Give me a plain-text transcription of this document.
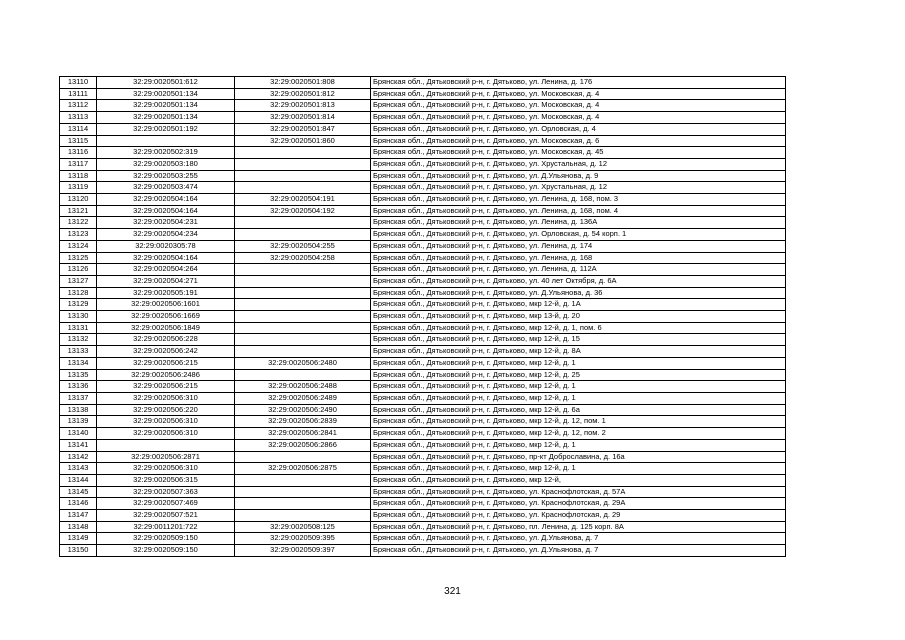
13110	32:29:0020501:612	32:29:0020501:808	Брянская обл., Дятьковский р-н, г. Дятьково, ул. Ленина, д. 176
13111	32:29:0020501:134	32:29:0020501:812	Брянская обл., Дятьковский р-н, г. Дятьково, ул. Московская, д. 4
13112	32:29:0020501:134	32:29:0020501:813	Брянская обл., Дятьковский р-н, г. Дятьково, ул. Московская, д. 4
13113	32:29:0020501:134	32:29:0020501:814	Брянская обл., Дятьковский р-н, г. Дятьково, ул. Московская, д. 4
13114	32:29:0020501:192	32:29:0020501:847	Брянская обл., Дятьковский р-н, г. Дятьково, ул. Орловская, д. 4
13115		32:29:0020501:860	Брянская обл., Дятьковский р-н, г. Дятьково, ул. Московская, д. 6
13116	32:29:0020502:319		Брянская обл., Дятьковский р-н, г. Дятьково, ул. Московская, д. 45
13117	32:29:0020503:180		Брянская обл., Дятьковский р-н, г. Дятьково, ул. Хрустальная, д. 12
13118	32:29:0020503:255		Брянская обл., Дятьковский р-н, г. Дятьково, ул. Д.Ульянова, д. 9
13119	32:29:0020503:474		Брянская обл., Дятьковский р-н, г. Дятьково, ул. Хрустальная, д. 12
13120	32:29:0020504:164	32:29:0020504:191	Брянская обл., Дятьковский р-н, г. Дятьково, ул. Ленина, д. 168, пом. 3
13121	32:29:0020504:164	32:29:0020504:192	Брянская обл., Дятьковский р-н, г. Дятьково, ул. Ленина, д. 168, пом. 4
13122	32:29:0020504:231		Брянская обл., Дятьковский р-н, г. Дятьково, ул. Ленина, д. 136А
13123	32:29:0020504:234		Брянская обл., Дятьковский р-н, г. Дятьково, ул. Орловская, д. 54 корп. 1
13124	32:29:0020305:78	32:29:0020504:255	Брянская обл., Дятьковский р-н, г. Дятьково, ул. Ленина, д. 174
13125	32:29:0020504:164	32:29:0020504:258	Брянская обл., Дятьковский р-н, г. Дятьково, ул. Ленина, д. 168
13126	32:29:0020504:264		Брянская обл., Дятьковский р-н, г. Дятьково, ул. Ленина, д. 112А
13127	32:29:0020504:271		Брянская обл., Дятьковский р-н, г. Дятьково, ул. 40 лет Октября, д. 6А
13128	32:29:0020505:191		Брянская обл., Дятьковский р-н, г. Дятьково, ул. Д.Ульянова, д. 36
13129	32:29:0020506:1601		Брянская обл., Дятьковский р-н, г. Дятьково, мкр 12-й, д. 1А
13130	32:29:0020506:1669		Брянская обл., Дятьковский р-н, г. Дятьково, мкр 13-й, д. 20
13131	32:29:0020506:1849		Брянская обл., Дятьковский р-н, г. Дятьково, мкр 12-й, д. 1, пом. 6
13132	32:29:0020506:228		Брянская обл., Дятьковский р-н, г. Дятьково, мкр 12-й, д. 15
13133	32:29:0020506:242		Брянская обл., Дятьковский р-н, г. Дятьково, мкр 12-й, д. 8А
13134	32:29:0020506:215	32:29:0020506:2480	Брянская обл., Дятьковский р-н, г. Дятьково, мкр 12-й, д. 1
13135	32:29:0020506:2486		Брянская обл., Дятьковский р-н, г. Дятьково, мкр 12-й, д. 25
13136	32:29:0020506:215	32:29:0020506:2488	Брянская обл., Дятьковский р-н, г. Дятьково, мкр 12-й, д. 1
13137	32:29:0020506:310	32:29:0020506:2489	Брянская обл., Дятьковский р-н, г. Дятьково, мкр 12-й, д. 1
13138	32:29:0020506:220	32:29:0020506:2490	Брянская обл., Дятьковский р-н, г. Дятьково, мкр 12-й, д. 6а
13139	32:29:0020506:310	32:29:0020506:2839	Брянская обл., Дятьковский р-н, г. Дятьково, мкр 12-й, д. 12, пом. 1
13140	32:29:0020506:310	32:29:0020506:2841	Брянская обл., Дятьковский р-н, г. Дятьково, мкр 12-й, д. 12, пом. 2
13141		32:29:0020506:2866	Брянская обл., Дятьковский р-н, г. Дятьково, мкр 12-й, д. 1
13142	32:29:0020506:2871		Брянская обл., Дятьковский р-н, г. Дятьково, пр-кт Доброславина, д. 16а
13143	32:29:0020506:310	32:29:0020506:2875	Брянская обл., Дятьковский р-н, г. Дятьково, мкр 12-й, д. 1
13144	32:29:0020506:315		Брянская обл., Дятьковский р-н, г. Дятьково, мкр 12-й,
13145	32:29:0020507:363		Брянская обл., Дятьковский р-н, г. Дятьково, ул. Краснофлотская, д. 57А
13146	32:29:0020507:469		Брянская обл., Дятьковский р-н, г. Дятьково, ул. Краснофлотская, д. 29А
13147	32:29:0020507:521		Брянская обл., Дятьковский р-н, г. Дятьково, ул. Краснофлотская, д. 29
13148	32:29:0011201:722	32:29:0020508:125	Брянская обл., Дятьковский р-н, г. Дятьково, пл. Ленина, д. 125 корп. 8А
13149	32:29:0020509:150	32:29:0020509:395	Брянская обл., Дятьковский р-н, г. Дятьково, ул. Д.Ульянова, д. 7
13150	32:29:0020509:150	32:29:0020509:397	Брянская обл., Дятьковский р-н, г. Дятьково, ул. Д.Ульянова, д. 7
321
